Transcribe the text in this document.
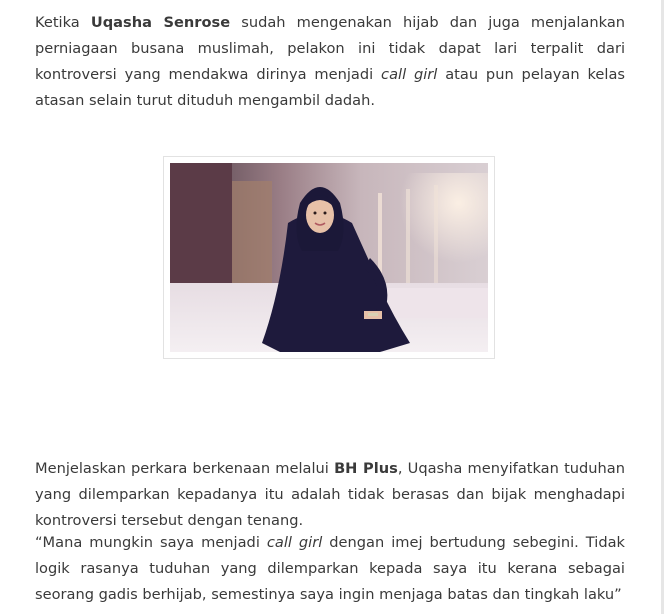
Ketika Uqasha Senrose sudah mengenakan hijab dan juga menjalankan perniagaan busana muslimah, pelakon ini tidak dapat lari terpalit dari kontroversi yang mendakwa dirinya menjadi call girl atau pun pelayan kelas atasan selain turut dituduh mengambil dadah.

Menjelaskan perkara berkenaan melalui BH Plus, Uqasha menyifatkan tuduhan yang dilemparkan kepadanya itu adalah tidak berasas dan bijak menghadapi kontroversi tersebut dengan tenang.

“Mana mungkin saya menjadi call girl dengan imej bertudung sebegini. Tidak logik rasanya tuduhan yang dilemparkan kepada saya itu kerana sebagai seorang gadis berhijab, semestinya saya ingin menjaga batas dan tingkah laku”
